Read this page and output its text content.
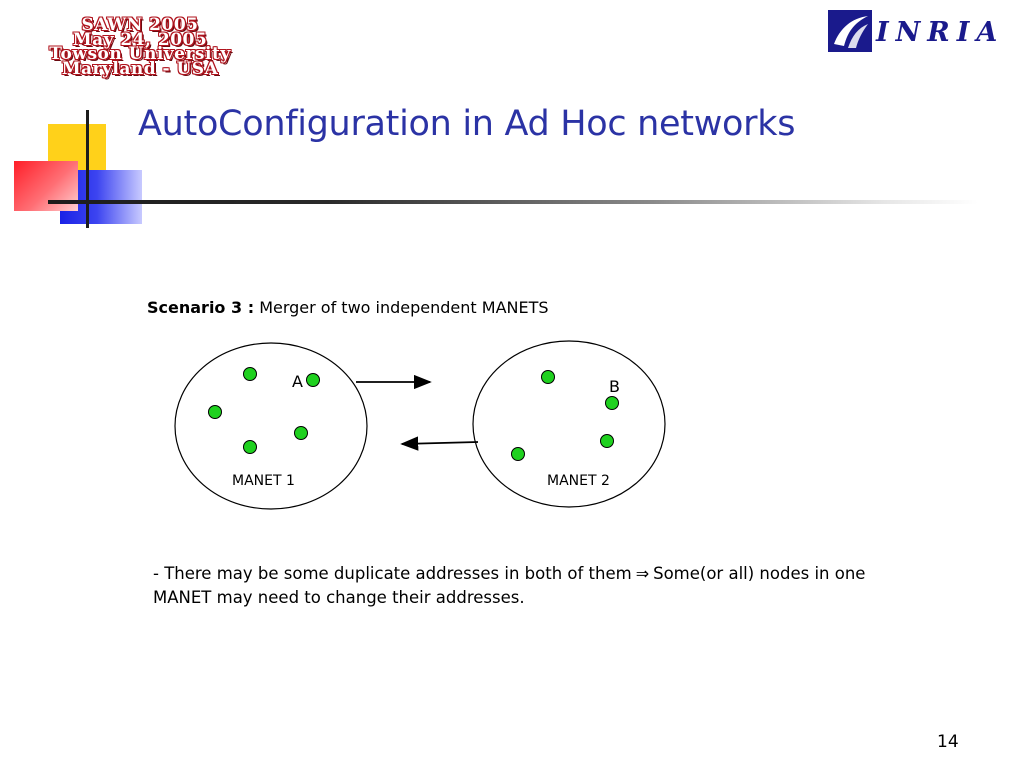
SAWN 2005
May 24, 2005
Towson University
Maryland - USA
INRIA
AutoConfiguration in Ad Hoc networks
Scenario 3 : Merger of two independent MANETS
A
MANET 1
B
MANET 2
- There may be some duplicate addresses in both of them ⇒ Some(or all) nodes in one MANET may need to change their addresses.
14
